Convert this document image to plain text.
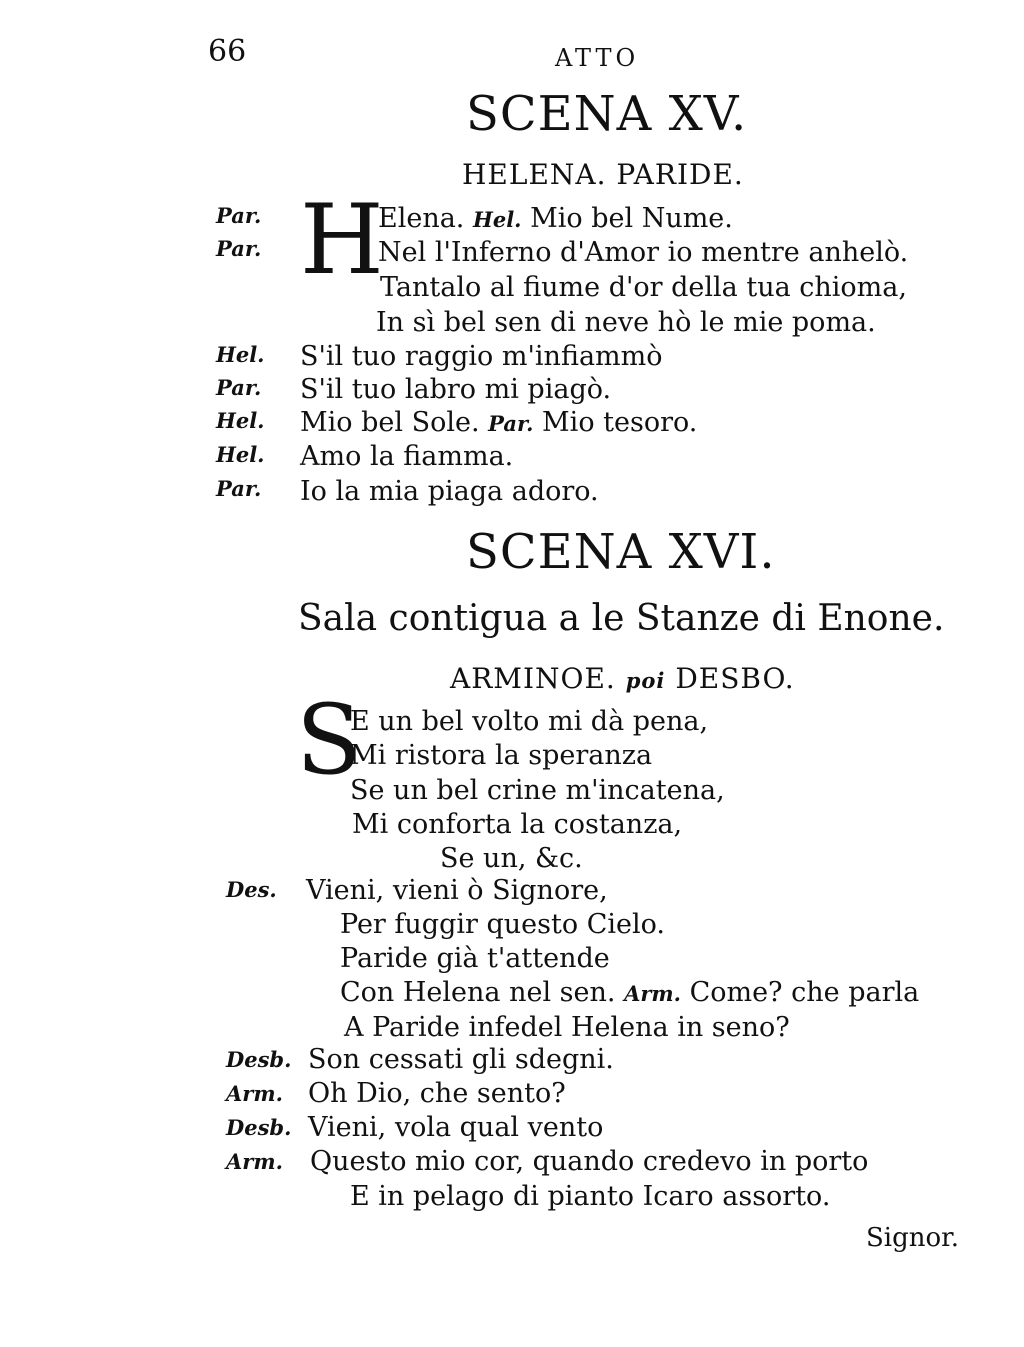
66	ATTO
SCENA XV.
HELENA. PARIDE.
Par. H
Elena. Hel. Mio bel Nume.
Par.	Nel l'Inferno d'Amor io mentre anhelò.
Tantalo al fiume d'or della tua chioma,
In sì bel sen di neve hò le mie poma.
Hel. S'il tuo raggio m'infiammò
Par. S'il tuo labro mi piagò.
Hel. Mio bel Sole. Par. Mio tesoro.
Hel. Amo la fiamma.
Par. Io la mia piaga adoro.
SCENA XVI.
Sala contigua a le Stanze di Enone.
ARMINOE. poi DESBO.
S
E un bel volto mi dà pena,
Mi ristora la speranza
Se un bel crine m'incatena,
Mi conforta la costanza,
Se un, &c.
Des. Vieni, vieni ò Signore,
Per fuggir questo Cielo.
Paride già t'attende
Con Helena nel sen. Arm. Come? che parla
A Paride infedel Helena in seno?
Desb. Son cessati gli sdegni.
Arm. Oh Dio, che sento?
Desb. Vieni, vola qual vento
Arm. Questo mio cor, quando credevo in porto
E in pelago di pianto Icaro assorto.
Signor.
